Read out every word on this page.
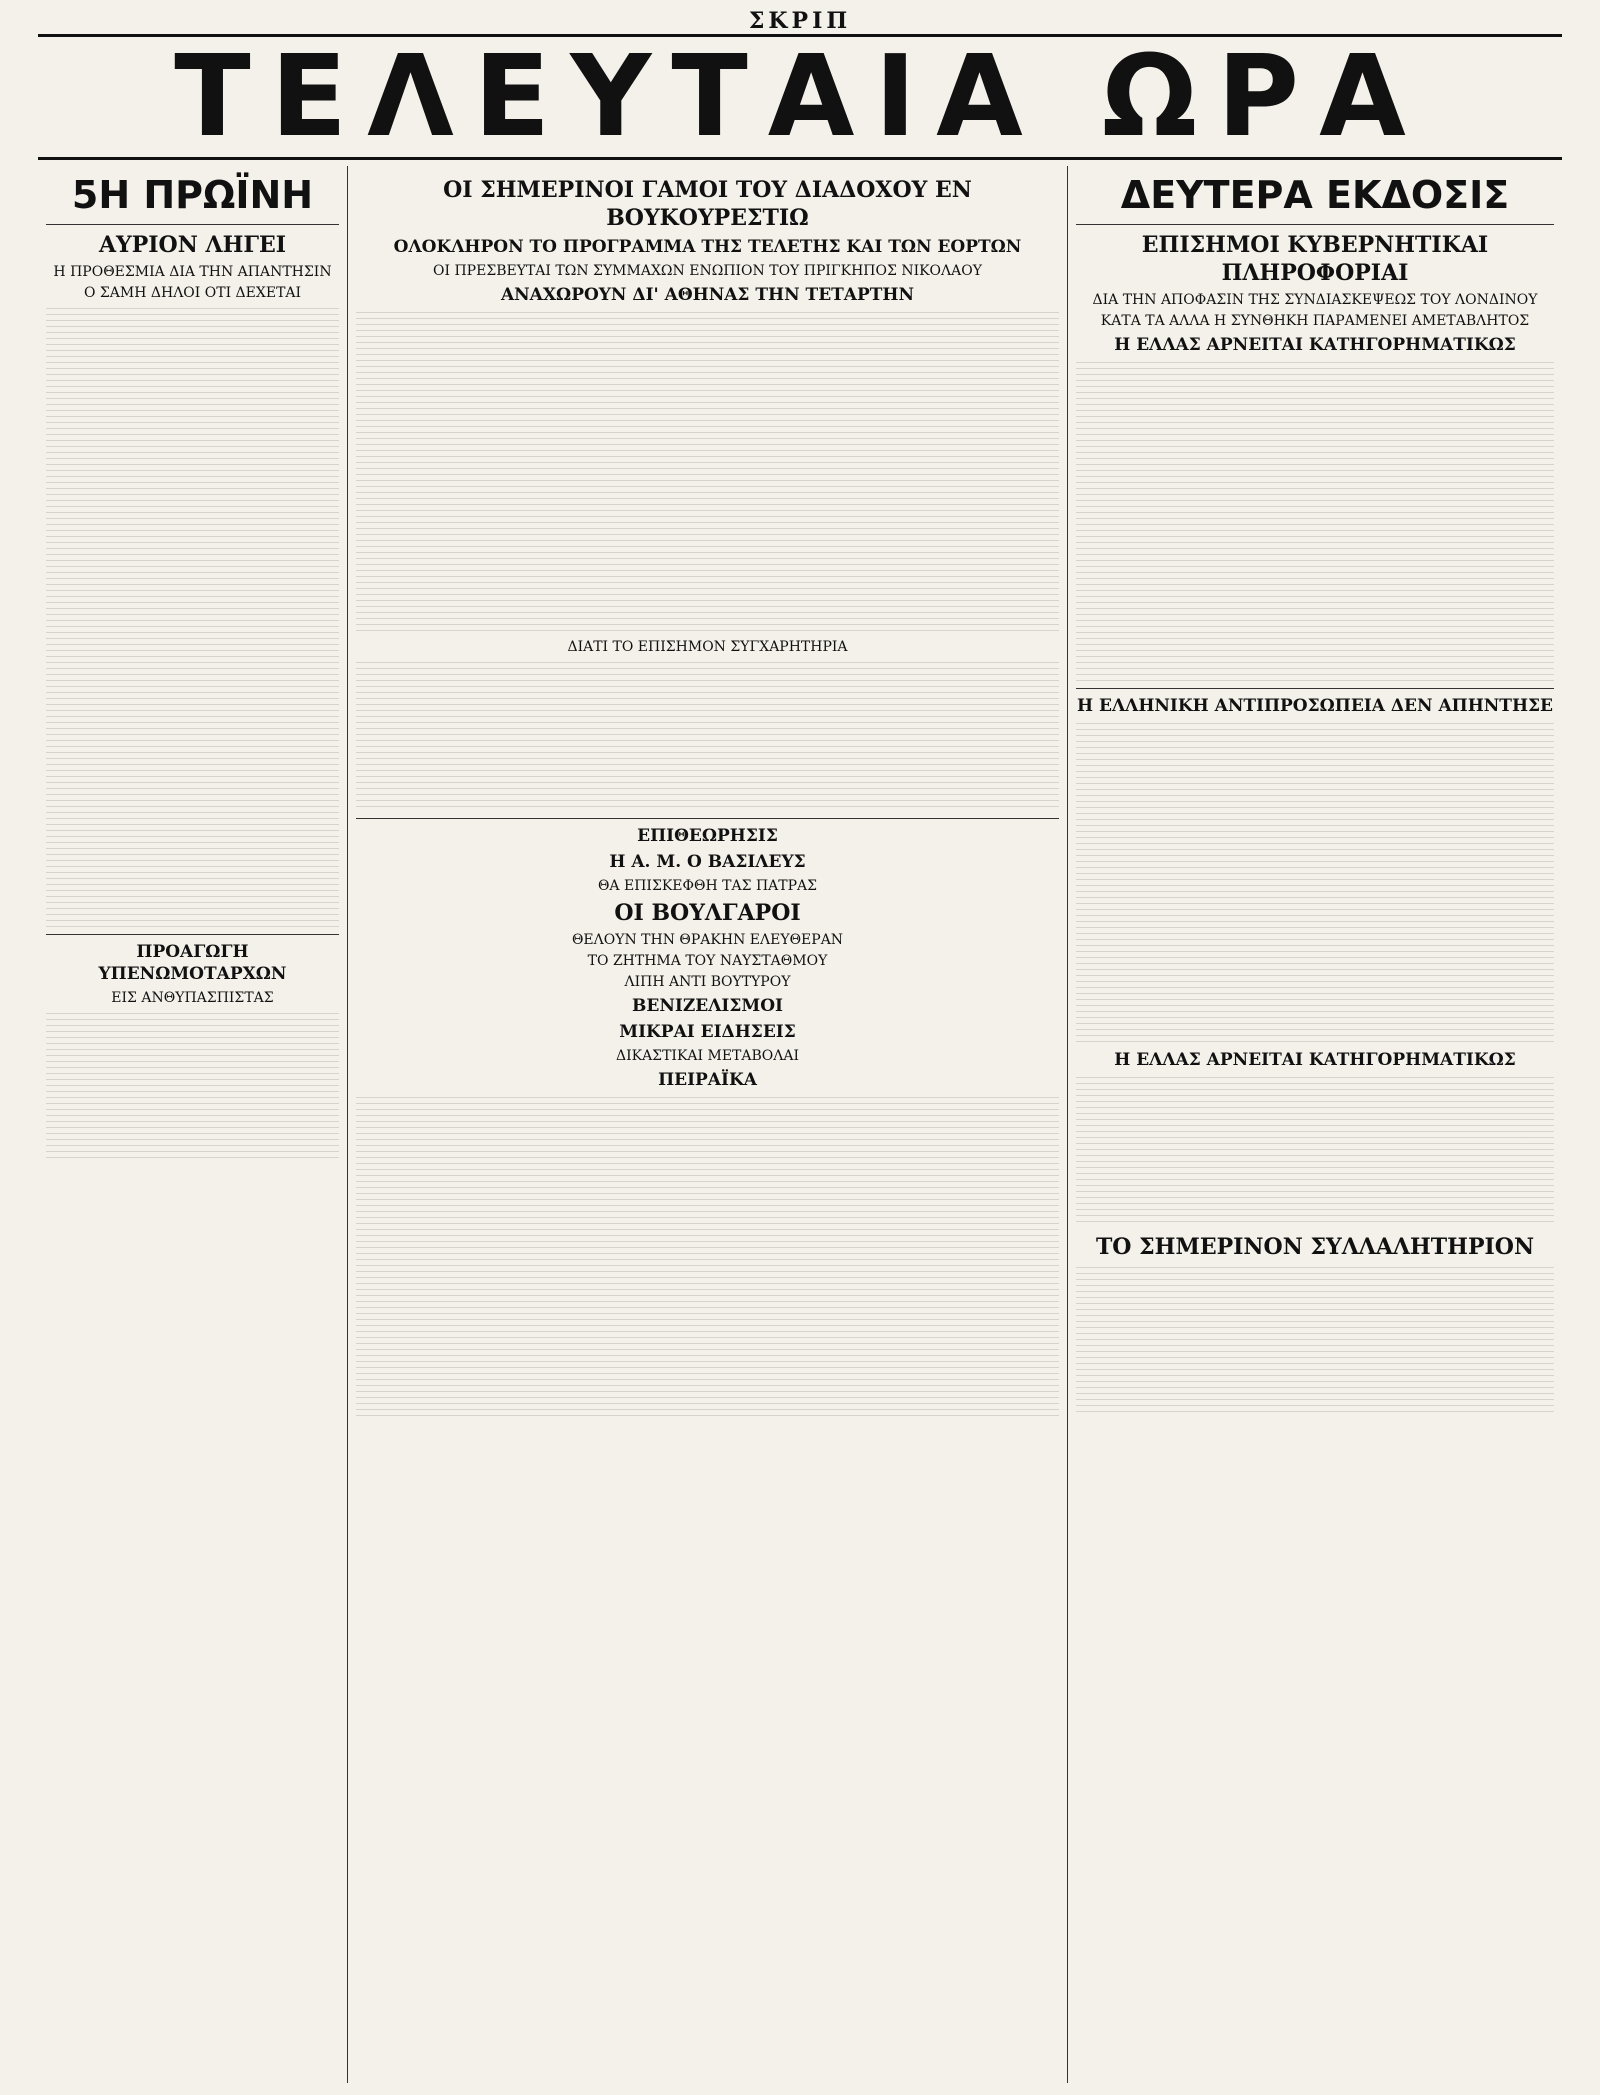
ΣΚΡΙΠ
ΤΕΛΕΥΤΑΙΑ ΩΡΑ
5Η ΠΡΩΪΝΗ
ΑΥΡΙΟΝ ΛΗΓΕΙ
Η ΠΡΟΘΕΣΜΙΑ ΔΙΑ ΤΗΝ ΑΠΑΝΤΗΣΙΝ
Ο ΣΑΜΗ ΔΗΛΟΙ ΟΤΙ ΔΕΧΕΤΑΙ
ΠΡΟΑΓΩΓΗ ΥΠΕΝΩΜΟΤΑΡΧΩΝ
ΕΙΣ ΑΝΘΥΠΑΣΠΙΣΤΑΣ
ΟΙ ΣΗΜΕΡΙΝΟΙ ΓΑΜΟΙ ΤΟΥ ΔΙΑΔΟΧΟΥ ΕΝ ΒΟΥΚΟΥΡΕΣΤΙΩ
ΟΛΟΚΛΗΡΟΝ ΤΟ ΠΡΟΓΡΑΜΜΑ ΤΗΣ ΤΕΛΕΤΗΣ ΚΑΙ ΤΩΝ ΕΟΡΤΩΝ
ΟΙ ΠΡΕΣΒΕΥΤΑΙ ΤΩΝ ΣΥΜΜΑΧΩΝ ΕΝΩΠΙΟΝ ΤΟΥ ΠΡΙΓΚΗΠΟΣ ΝΙΚΟΛΑΟΥ
ΑΝΑΧΩΡΟΥΝ ΔΙ' ΑΘΗΝΑΣ ΤΗΝ ΤΕΤΑΡΤΗΝ
ΔΙΑΤΙ ΤΟ ΕΠΙΣΗΜΟΝ ΣΥΓΧΑΡΗΤΗΡΙΑ
ΕΠΙΘΕΩΡΗΣΙΣ
Η Α. Μ. Ο ΒΑΣΙΛΕΥΣ
ΘΑ ΕΠΙΣΚΕΦΘΗ ΤΑΣ ΠΑΤΡΑΣ
ΟΙ ΒΟΥΛΓΑΡΟΙ
ΘΕΛΟΥΝ ΤΗΝ ΘΡΑΚΗΝ ΕΛΕΥΘΕΡΑΝ
ΤΟ ΖΗΤΗΜΑ ΤΟΥ ΝΑΥΣΤΑΘΜΟΥ
ΛΙΠΗ ΑΝΤΙ ΒΟΥΤΥΡΟΥ
ΒΕΝΙΖΕΛΙΣΜΟΙ
ΜΙΚΡΑΙ ΕΙΔΗΣΕΙΣ
ΔΙΚΑΣΤΙΚΑΙ ΜΕΤΑΒΟΛΑΙ
ΠΕΙΡΑΪΚΑ
ΔΕΥΤΕΡΑ ΕΚΔΟΣΙΣ
ΕΠΙΣΗΜΟΙ ΚΥΒΕΡΝΗΤΙΚΑΙ ΠΛΗΡΟΦΟΡΙΑΙ
ΔΙΑ ΤΗΝ ΑΠΟΦΑΣΙΝ ΤΗΣ ΣΥΝΔΙΑΣΚΕΨΕΩΣ ΤΟΥ ΛΟΝΔΙΝΟΥ
ΚΑΤΑ ΤΑ ΑΛΛΑ Η ΣΥΝΘΗΚΗ ΠΑΡΑΜΕΝΕΙ ΑΜΕΤΑΒΛΗΤΟΣ
Η ΕΛΛΑΣ ΑΡΝΕΙΤΑΙ ΚΑΤΗΓΟΡΗΜΑΤΙΚΩΣ
Η ΕΛΛΗΝΙΚΗ ΑΝΤΙΠΡΟΣΩΠΕΙΑ ΔΕΝ ΑΠΗΝΤΗΣΕ
Η ΕΛΛΑΣ ΑΡΝΕΙΤΑΙ ΚΑΤΗΓΟΡΗΜΑΤΙΚΩΣ
ΤΟ ΣΗΜΕΡΙΝΟΝ ΣΥΛΛΑΛΗΤΗΡΙΟΝ
